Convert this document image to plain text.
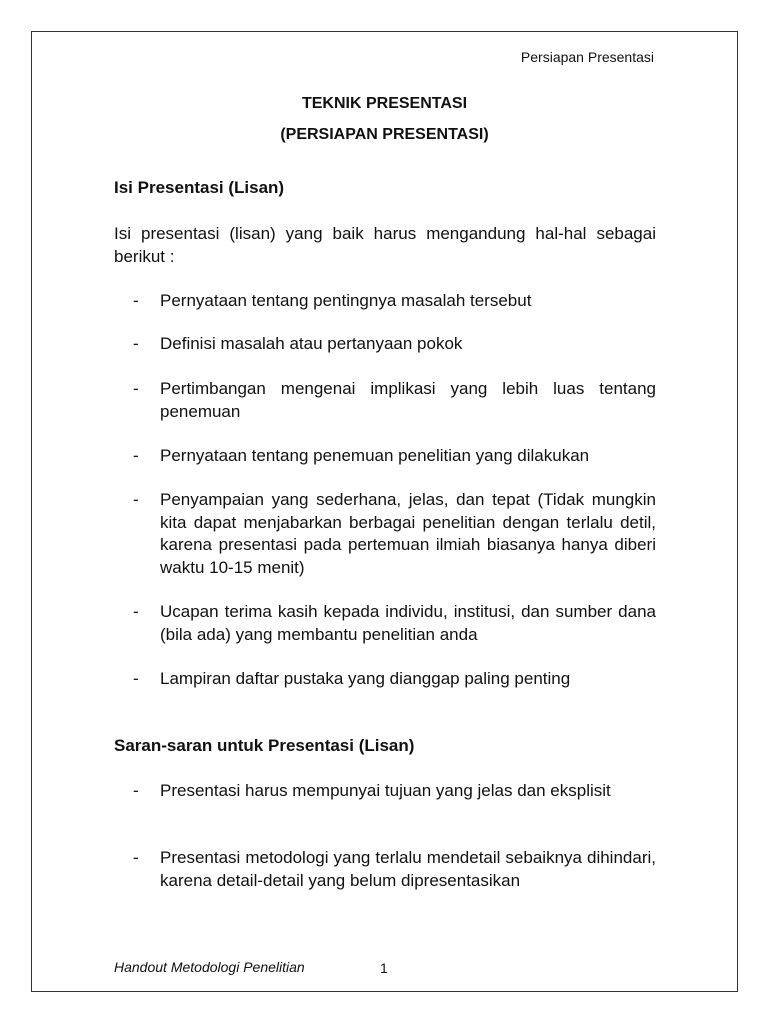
Persiapan Presentasi
TEKNIK PRESENTASI
(PERSIAPAN PRESENTASI)
Isi Presentasi (Lisan)
Isi presentasi (lisan) yang baik harus mengandung hal-hal sebagai berikut :
- Pernyataan tentang pentingnya masalah tersebut
- Definisi masalah atau pertanyaan pokok
- Pertimbangan mengenai implikasi yang lebih luas tentang penemuan
- Pernyataan tentang penemuan penelitian yang dilakukan
- Penyampaian yang sederhana, jelas, dan tepat (Tidak mungkin kita dapat menjabarkan berbagai penelitian dengan terlalu detil, karena presentasi pada pertemuan ilmiah biasanya hanya diberi waktu 10-15 menit)
- Ucapan terima kasih kepada individu, institusi, dan sumber dana (bila ada) yang membantu penelitian anda
- Lampiran daftar pustaka yang dianggap paling penting
Saran-saran untuk Presentasi (Lisan)
- Presentasi harus mempunyai tujuan yang jelas dan eksplisit
- Presentasi metodologi yang terlalu mendetail sebaiknya dihindari, karena detail-detail yang belum dipresentasikan
Handout Metodologi Penelitian	1
